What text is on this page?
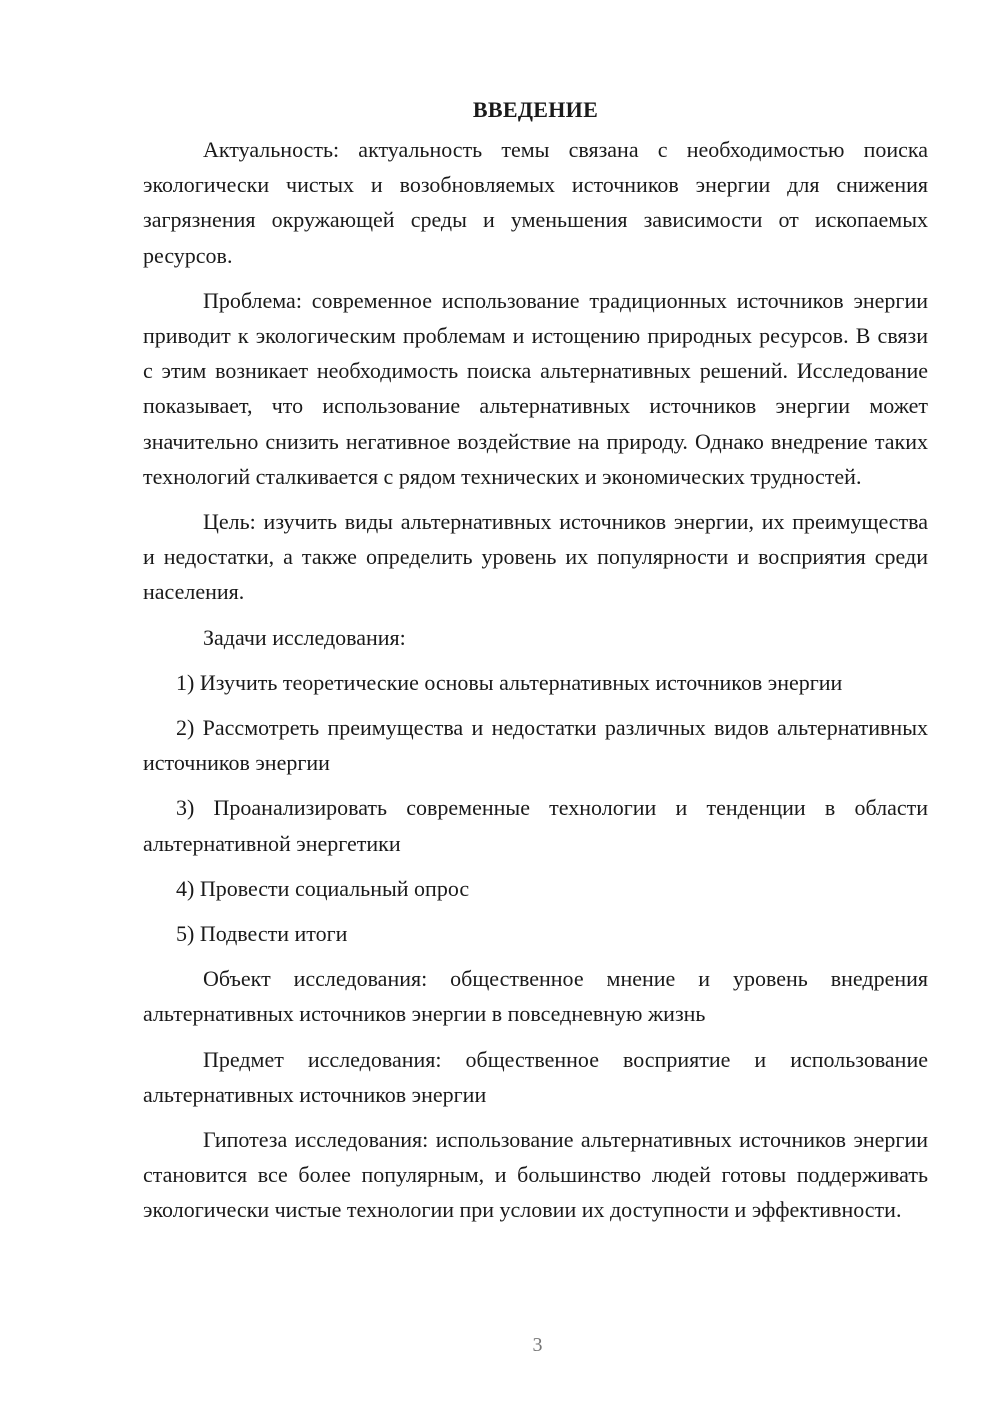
ВВЕДЕНИЕ

Актуальность: актуальность темы связана с необходимостью поиска экологически чистых и возобновляемых источников энергии для снижения загрязнения окружающей среды и уменьшения зависимости от ископаемых ресурсов.

Проблема: современное использование традиционных источников энергии приводит к экологическим проблемам и истощению природных ресурсов. В связи с этим возникает необходимость поиска альтернативных решений. Исследование показывает, что использование альтернативных источников энергии может значительно снизить негативное воздействие на природу. Однако внедрение таких технологий сталкивается с рядом технических и экономических трудностей.

Цель: изучить виды альтернативных источников энергии, их преимущества и недостатки, а также определить уровень их популярности и восприятия среди населения.

Задачи исследования:

1) Изучить теоретические основы альтернативных источников энергии

2) Рассмотреть преимущества и недостатки различных видов альтернативных источников энергии

3) Проанализировать современные технологии и тенденции в области альтернативной энергетики

4) Провести социальный опрос

5) Подвести итоги

Объект исследования: общественное мнение и уровень внедрения альтернативных источников энергии в повседневную жизнь

Предмет исследования: общественное восприятие и использование альтернативных источников энергии

Гипотеза исследования: использование альтернативных источников энергии становится все более популярным, и большинство людей готовы поддерживать экологически чистые технологии при условии их доступности и эффективности.

3
